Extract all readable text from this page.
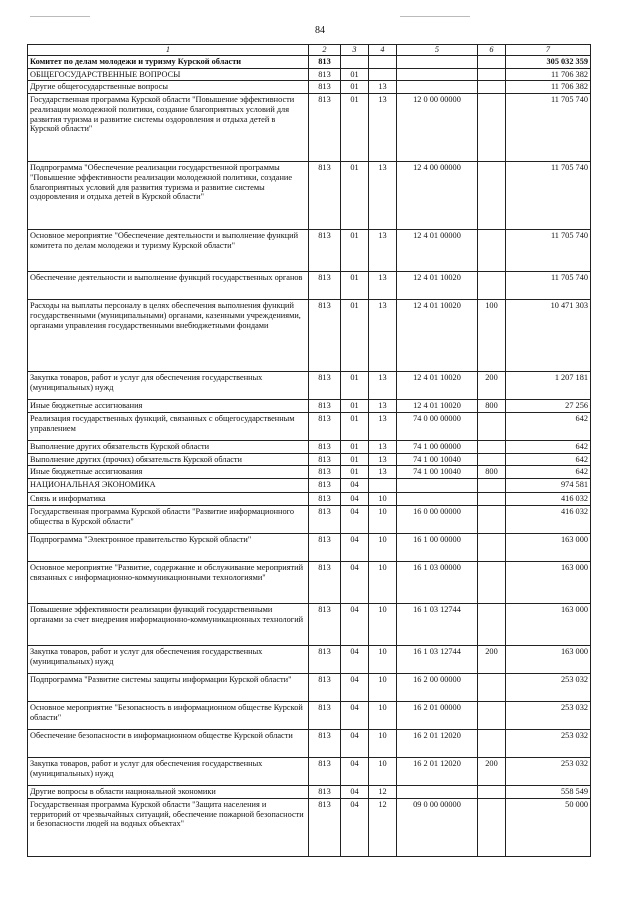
84
1	2	3	4	5	6	7
Комитет по делам молодежи и туризму Курской области	813					305 032 359
ОБЩЕГОСУДАРСТВЕННЫЕ ВОПРОСЫ	813	01				11 706 382
Другие общегосударственные вопросы	813	01	13			11 706 382
Государственная программа Курской области "Повышение эффективности реализации молодежной политики, создание благоприятных условий для развития туризма и развитие системы оздоровления и отдыха детей в Курской области"	813	01	13	12 0 00 00000		11 705 740
Подпрограмма "Обеспечение реализации государственной программы "Повышение эффективности реализации молодежной политики, создание благоприятных условий для развития туризма и развитие системы оздоровления и отдыха детей в Курской области"	813	01	13	12 4 00 00000		11 705 740
Основное мероприятие "Обеспечение деятельности и выполнение функций комитета по делам молодежи и туризму Курской области"	813	01	13	12 4 01 00000		11 705 740
Обеспечение деятельности и выполнение функций государственных органов	813	01	13	12 4 01 10020		11 705 740
Расходы на выплаты персоналу в целях обеспечения выполнения функций государственными (муниципальными) органами, казенными учреждениями, органами управления государственными внебюджетными фондами	813	01	13	12 4 01 10020	100	10 471 303
Закупка товаров, работ и услуг для обеспечения государственных (муниципальных) нужд	813	01	13	12 4 01 10020	200	1 207 181
Иные бюджетные ассигнования	813	01	13	12 4 01 10020	800	27 256
Реализация государственных функций, связанных с общегосударственным управлением	813	01	13	74 0 00 00000		642
Выполнение других обязательств Курской области	813	01	13	74 1 00 00000		642
Выполнение других (прочих) обязательств Курской области	813	01	13	74 1 00 10040		642
Иные бюджетные ассигнования	813	01	13	74 1 00 10040	800	642
НАЦИОНАЛЬНАЯ ЭКОНОМИКА	813	04				974 581
Связь и информатика	813	04	10			416 032
Государственная программа Курской области "Развитие информационного общества в Курской области"	813	04	10	16 0 00 00000		416 032
Подпрограмма "Электронное правительство Курской области"	813	04	10	16 1 00 00000		163 000
Основное мероприятие "Развитие, содержание и обслуживание мероприятий связанных с информационно-коммуникационными технологиями"	813	04	10	16 1 03 00000		163 000
Повышение эффективности реализации функций государственными органами за счет внедрения информационно-коммуникационных технологий	813	04	10	16 1 03 12744		163 000
Закупка товаров, работ и услуг для обеспечения государственных (муниципальных) нужд	813	04	10	16 1 03 12744	200	163 000
Подпрограмма "Развитие системы защиты информации Курской области"	813	04	10	16 2 00 00000		253 032
Основное мероприятие "Безопасность в информационном обществе Курской области"	813	04	10	16 2 01 00000		253 032
Обеспечение безопасности в информационном обществе Курской области	813	04	10	16 2 01 12020		253 032
Закупка товаров, работ и услуг для обеспечения государственных (муниципальных) нужд	813	04	10	16 2 01 12020	200	253 032
Другие вопросы в области национальной экономики	813	04	12			558 549
Государственная программа Курской области "Защита населения и территорий от чрезвычайных ситуаций, обеспечение пожарной безопасности и безопасности людей на водных объектах"	813	04	12	09 0 00 00000		50 000
